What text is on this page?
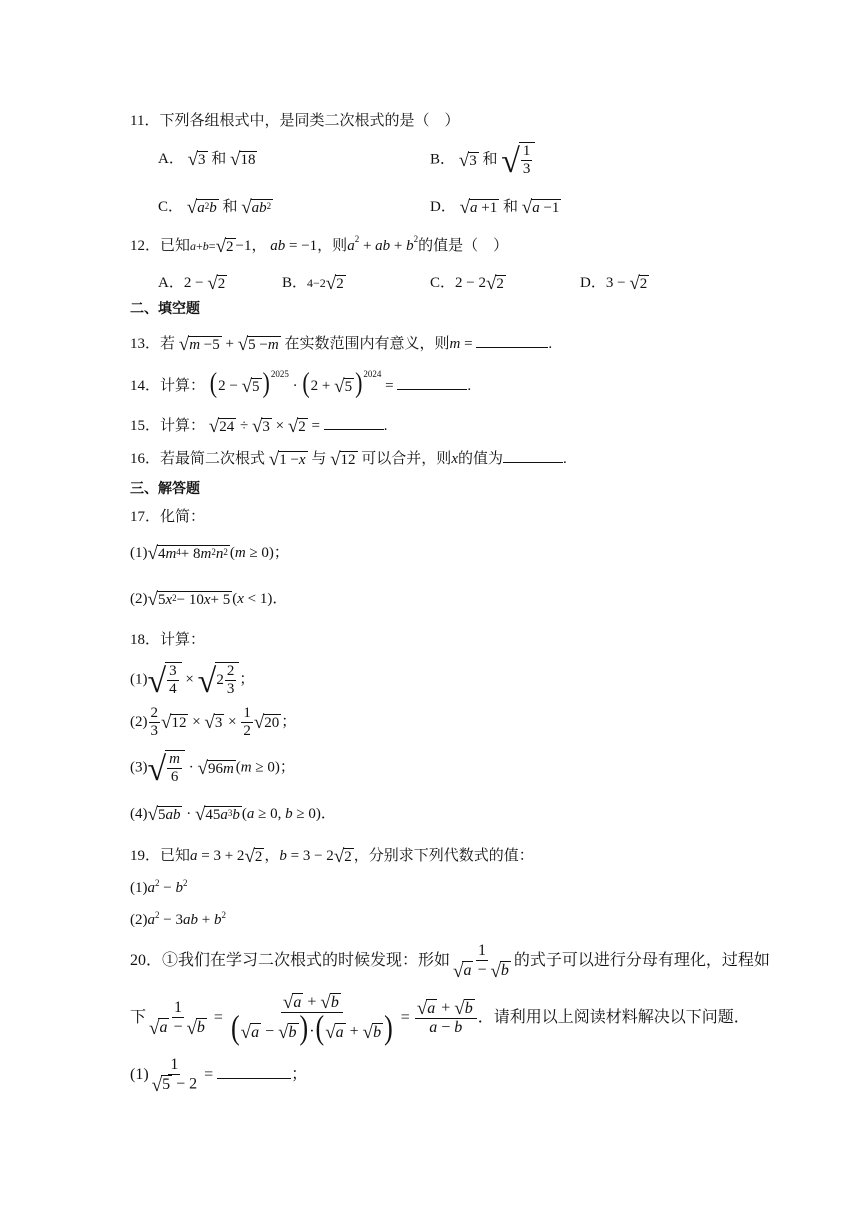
11．下列各组根式中，是同类二次根式的是（　）
A． √ 3 和 √ 18	B． √ 3 和 √ $\frac{1}{3}$
C． √ $a^2$ b 和 √ $ab^2$	D． √ a +1 和 √ a −1
12．已知a+b= √ 2 −1， ab = −1，则$a^2$ + ab + $b^2$的值是（　）
A．2 − √ 2	B．4−2 √ 2	C．2 − 2 √ 2	D．3 − √ 2
二、填空题
13．若 √ m −5 + √ 5 − m 在实数范围内有意义，则m =	.
14．计算： (2 − √ 5 )$^{2025}$ · (2 + √ 5 )$^{2024}$ =	.
15．计算： √ 24 ÷ √ 3 × √ 2 =	.
16．若最简二次根式 √ 1 − x 与 √ 12 可以合并，则x的值为	.
三、解答题
17．化简：
(1) √ 4 $m^4 + 8$ $m^2$ $n^2$ (m ≥ 0)；
(2) √ 5 $x^2 - 10$ x + 5 (x < 1)．
18．计算：
(1) √ $\frac{3}{4}$ × √ $2 \frac{2}{3}$ ；
$(2) \frac{2}{3}$ √ 12 × √ $3 \times \frac{1}{2}$ √ 20 ；
(3) √ $\frac{m}{6}$ · √ 96 m (m ≥ 0)；
(4) √ 5 ab · √ 45 $a^3$ b (a ≥ 0, b ≥ 0)．
19．已知a = 3 + 2 √ 2 ，b = 3 − 2 √ 2 ，分别求下列代数式的值：
$(1)a^2 - b^2$
$(2)a^2 - 3ab + b^2$
20．①我们在学习二次根式的时候发现：形如 $\frac{1}{√ a - √ b}$ 的式子可以进行分母有理化，过程如
下 $\frac{1}{√ a - √ b} = \frac{√ a + √ b}{( √ a - √ b )\cdot( √ a + √ b )} = \frac{√ a + √ b}{a - b}$ ．请利用以上阅读材料解决以下问题．
$(1) \frac{1}{√ 5 - 2}$ =	；
